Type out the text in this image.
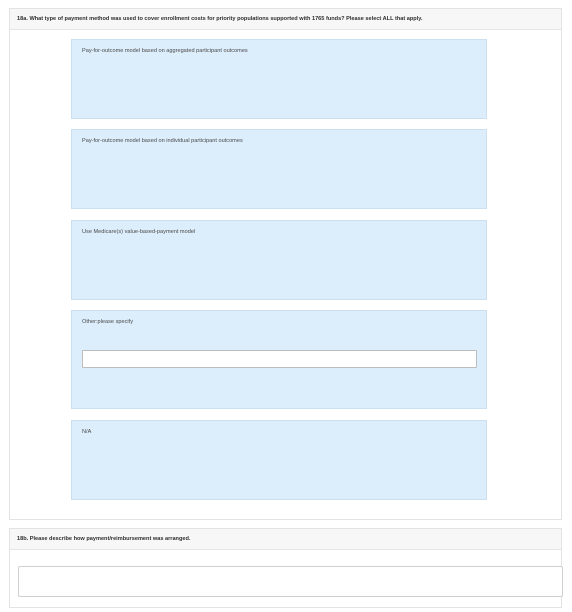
18a. What type of payment method was used to cover enrollment costs for priority populations supported with 1765 funds? Please select ALL that apply.
Pay-for-outcome model based on aggregated participant outcomes
Pay-for-outcome model based on individual participant outcomes
Use Medicare(s) value-based-payment model
Other:please specify
N/A
18b. Please describe how payment/reimbursement was arranged.
